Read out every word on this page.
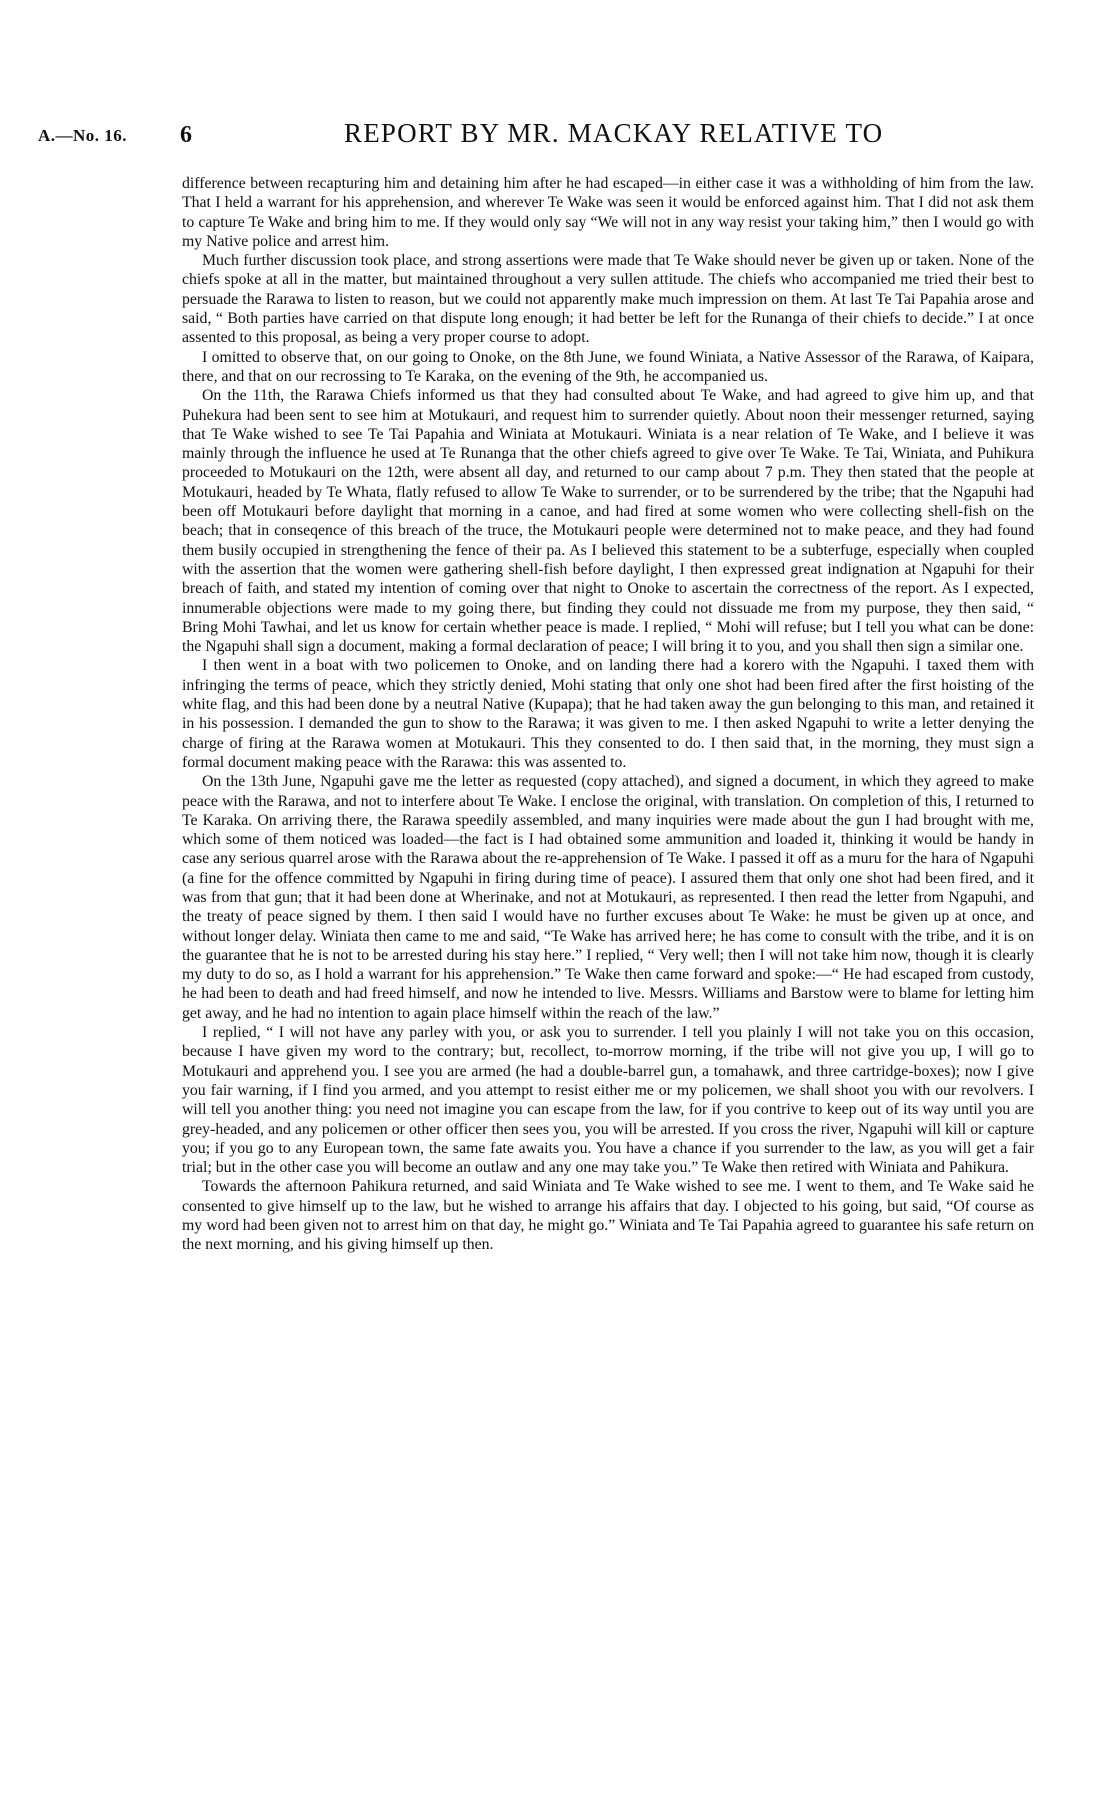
A.—No. 16. 6	REPORT BY MR. MACKAY RELATIVE TO

difference between recapturing him and detaining him after he had escaped—in either case it was a withholding of him from the law. That I held a warrant for his apprehension, and wherever Te Wake was seen it would be enforced against him. That I did not ask them to capture Te Wake and bring him to me. If they would only say “We will not in any way resist your taking him,” then I would go with my Native police and arrest him.

Much further discussion took place, and strong assertions were made that Te Wake should never be given up or taken. None of the chiefs spoke at all in the matter, but maintained throughout a very sullen attitude. The chiefs who accompanied me tried their best to persuade the Rarawa to listen to reason, but we could not apparently make much impression on them. At last Te Tai Papahia arose and said, “ Both parties have carried on that dispute long enough; it had better be left for the Runanga of their chiefs to decide.” I at once assented to this proposal, as being a very proper course to adopt.

I omitted to observe that, on our going to Onoke, on the 8th June, we found Winiata, a Native Assessor of the Rarawa, of Kaipara, there, and that on our recrossing to Te Karaka, on the evening of the 9th, he accompanied us.

On the 11th, the Rarawa Chiefs informed us that they had consulted about Te Wake, and had agreed to give him up, and that Puhekura had been sent to see him at Motukauri, and request him to surrender quietly. About noon their messenger returned, saying that Te Wake wished to see Te Tai Papahia and Winiata at Motukauri. Winiata is a near relation of Te Wake, and I believe it was mainly through the influence he used at Te Runanga that the other chiefs agreed to give over Te Wake. Te Tai, Winiata, and Puhikura proceeded to Motukauri on the 12th, were absent all day, and returned to our camp about 7 p.m. They then stated that the people at Motukauri, headed by Te Whata, flatly refused to allow Te Wake to surrender, or to be surrendered by the tribe; that the Ngapuhi had been off Motukauri before daylight that morning in a canoe, and had fired at some women who were collecting shell-fish on the beach; that in conseqence of this breach of the truce, the Motukauri people were determined not to make peace, and they had found them busily occupied in strengthening the fence of their pa. As I believed this statement to be a subterfuge, especially when coupled with the assertion that the women were gathering shell-fish before daylight, I then expressed great indignation at Ngapuhi for their breach of faith, and stated my intention of coming over that night to Onoke to ascertain the correctness of the report. As I expected, innumerable objections were made to my going there, but finding they could not dissuade me from my purpose, they then said, “ Bring Mohi Tawhai, and let us know for certain whether peace is made. I replied, “ Mohi will refuse; but I tell you what can be done: the Ngapuhi shall sign a document, making a formal declaration of peace; I will bring it to you, and you shall then sign a similar one.

I then went in a boat with two policemen to Onoke, and on landing there had a korero with the Ngapuhi. I taxed them with infringing the terms of peace, which they strictly denied, Mohi stating that only one shot had been fired after the first hoisting of the white flag, and this had been done by a neutral Native (Kupapa); that he had taken away the gun belonging to this man, and retained it in his possession. I demanded the gun to show to the Rarawa; it was given to me. I then asked Ngapuhi to write a letter denying the charge of firing at the Rarawa women at Motukauri. This they consented to do. I then said that, in the morning, they must sign a formal document making peace with the Rarawa: this was assented to.

On the 13th June, Ngapuhi gave me the letter as requested (copy attached), and signed a document, in which they agreed to make peace with the Rarawa, and not to interfere about Te Wake. I enclose the original, with translation. On completion of this, I returned to Te Karaka. On arriving there, the Rarawa speedily assembled, and many inquiries were made about the gun I had brought with me, which some of them noticed was loaded—the fact is I had obtained some ammunition and loaded it, thinking it would be handy in case any serious quarrel arose with the Rarawa about the re-apprehension of Te Wake. I passed it off as a muru for the hara of Ngapuhi (a fine for the offence committed by Ngapuhi in firing during time of peace). I assured them that only one shot had been fired, and it was from that gun; that it had been done at Wherinake, and not at Motukauri, as represented. I then read the letter from Ngapuhi, and the treaty of peace signed by them. I then said I would have no further excuses about Te Wake: he must be given up at once, and without longer delay. Winiata then came to me and said, “Te Wake has arrived here; he has come to consult with the tribe, and it is on the guarantee that he is not to be arrested during his stay here.” I replied, “ Very well; then I will not take him now, though it is clearly my duty to do so, as I hold a warrant for his apprehension.” Te Wake then came forward and spoke:—“ He had escaped from custody, he had been to death and had freed himself, and now he intended to live. Messrs. Williams and Barstow were to blame for letting him get away, and he had no intention to again place himself within the reach of the law.”

I replied, “ I will not have any parley with you, or ask you to surrender. I tell you plainly I will not take you on this occasion, because I have given my word to the contrary; but, recollect, to-morrow morning, if the tribe will not give you up, I will go to Motukauri and apprehend you. I see you are armed (he had a double-barrel gun, a tomahawk, and three cartridge-boxes); now I give you fair warning, if I find you armed, and you attempt to resist either me or my policemen, we shall shoot you with our revolvers. I will tell you another thing: you need not imagine you can escape from the law, for if you contrive to keep out of its way until you are grey-headed, and any policemen or other officer then sees you, you will be arrested. If you cross the river, Ngapuhi will kill or capture you; if you go to any European town, the same fate awaits you. You have a chance if you surrender to the law, as you will get a fair trial; but in the other case you will become an outlaw and any one may take you.” Te Wake then retired with Winiata and Pahikura.

Towards the afternoon Pahikura returned, and said Winiata and Te Wake wished to see me. I went to them, and Te Wake said he consented to give himself up to the law, but he wished to arrange his affairs that day. I objected to his going, but said, “Of course as my word had been given not to arrest him on that day, he might go.” Winiata and Te Tai Papahia agreed to guarantee his safe return on the next morning, and his giving himself up then.
